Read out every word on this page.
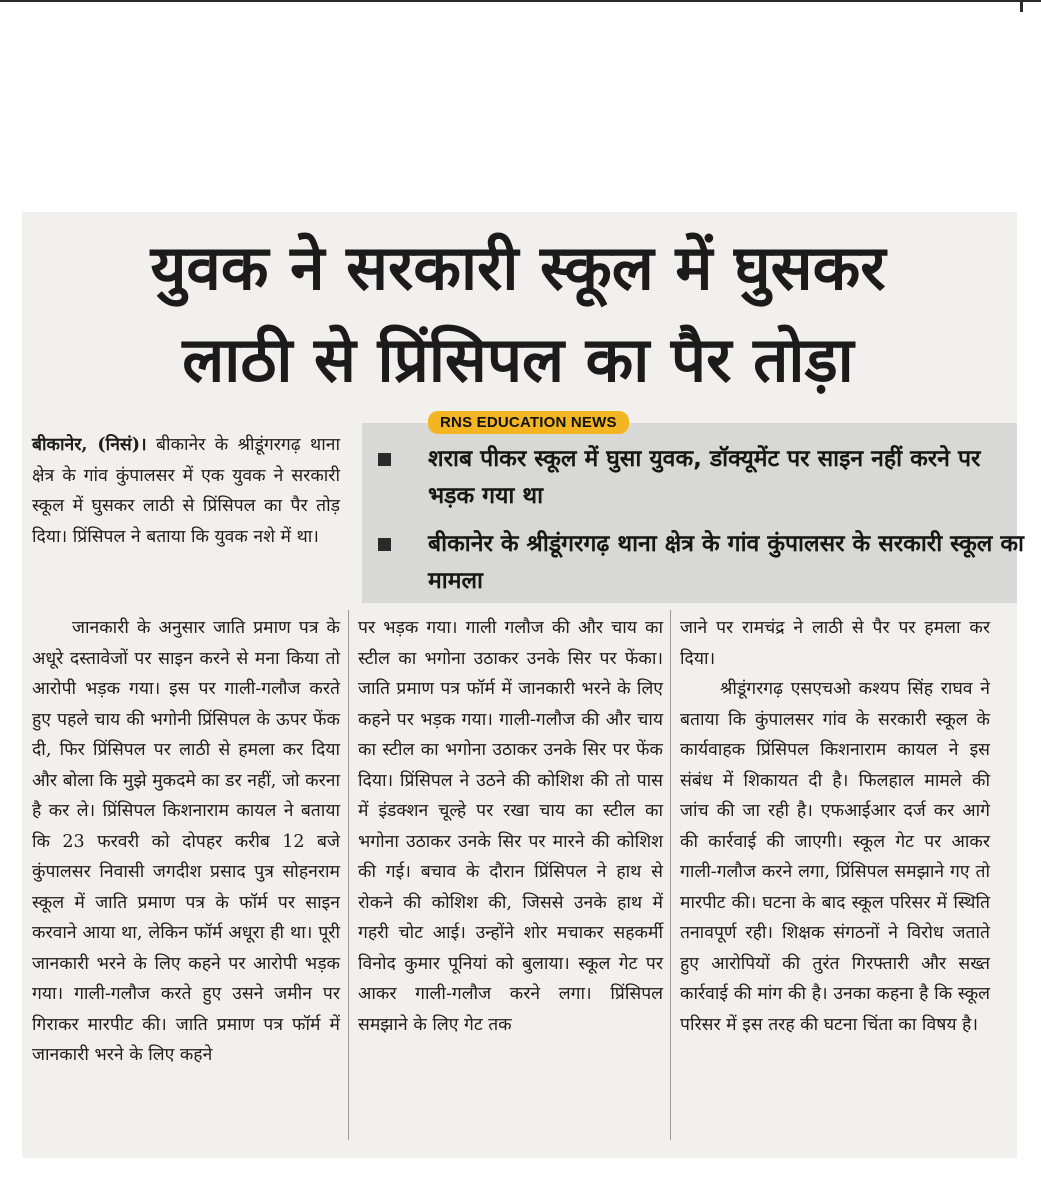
युवक ने सरकारी स्कूल में घुसकर
लाठी से प्रिंसिपल का पैर तोड़ा
RNS EDUCATION NEWS
शराब पीकर स्कूल में घुसा युवक, डॉक्यूमेंट पर साइन नहीं करने पर भड़क गया था
बीकानेर के श्रीडूंगरगढ़ थाना क्षेत्र के गांव कुंपालसर के सरकारी स्कूल का मामला
बीकानेर, (निसं)। बीकानेर के श्रीडूंगरगढ़ थाना क्षेत्र के गांव कुंपालसर में एक युवक ने सरकारी स्कूल में घुसकर लाठी से प्रिंसिपल का पैर तोड़ दिया। प्रिंसिपल ने बताया कि युवक नशे में था।
जानकारी के अनुसार जाति प्रमाण पत्र के अधूरे दस्तावेजों पर साइन करने से मना किया तो आरोपी भड़क गया। इस पर गाली-गलौज करते हुए पहले चाय की भगोनी प्रिंसिपल के ऊपर फेंक दी, फिर प्रिंसिपल पर लाठी से हमला कर दिया और बोला कि मुझे मुकदमे का डर नहीं, जो करना है कर ले। प्रिंसिपल किशनाराम कायल ने बताया कि 23 फरवरी को दोपहर करीब 12 बजे कुंपालसर निवासी जगदीश प्रसाद पुत्र सोहनराम स्कूल में जाति प्रमाण पत्र के फॉर्म पर साइन करवाने आया था, लेकिन फॉर्म अधूरा ही था। पूरी जानकारी भरने के लिए कहने पर आरोपी भड़क गया। गाली-गलौज करते हुए उसने जमीन पर गिराकर मारपीट की। जाति प्रमाण पत्र फॉर्म में जानकारी भरने के लिए कहने
पर भड़क गया। गाली गलौज की और चाय का स्टील का भगोना उठाकर उनके सिर पर फेंका। जाति प्रमाण पत्र फॉर्म में जानकारी भरने के लिए कहने पर भड़क गया। गाली-गलौज की और चाय का स्टील का भगोना उठाकर उनके सिर पर फेंक दिया। प्रिंसिपल ने उठने की कोशिश की तो पास में इंडक्शन चूल्हे पर रखा चाय का स्टील का भगोना उठाकर उनके सिर पर मारने की कोशिश की गई। बचाव के दौरान प्रिंसिपल ने हाथ से रोकने की कोशिश की, जिससे उनके हाथ में गहरी चोट आई। उन्होंने शोर मचाकर सहकर्मी विनोद कुमार पूनियां को बुलाया। स्कूल गेट पर आकर गाली-गलौज करने लगा। प्रिंसिपल समझाने के लिए गेट तक
जाने पर रामचंद्र ने लाठी से पैर पर हमला कर दिया।
श्रीडूंगरगढ़ एसएचओ कश्यप सिंह राघव ने बताया कि कुंपालसर गांव के सरकारी स्कूल के कार्यवाहक प्रिंसिपल किशनाराम कायल ने इस संबंध में शिकायत दी है। फिलहाल मामले की जांच की जा रही है। एफआईआर दर्ज कर आगे की कार्रवाई की जाएगी। स्कूल गेट पर आकर गाली-गलौज करने लगा, प्रिंसिपल समझाने गए तो मारपीट की। घटना के बाद स्कूल परिसर में स्थिति तनावपूर्ण रही। शिक्षक संगठनों ने विरोध जताते हुए आरोपियों की तुरंत गिरफ्तारी और सख्त कार्रवाई की मांग की है। उनका कहना है कि स्कूल परिसर में इस तरह की घटना चिंता का विषय है।
